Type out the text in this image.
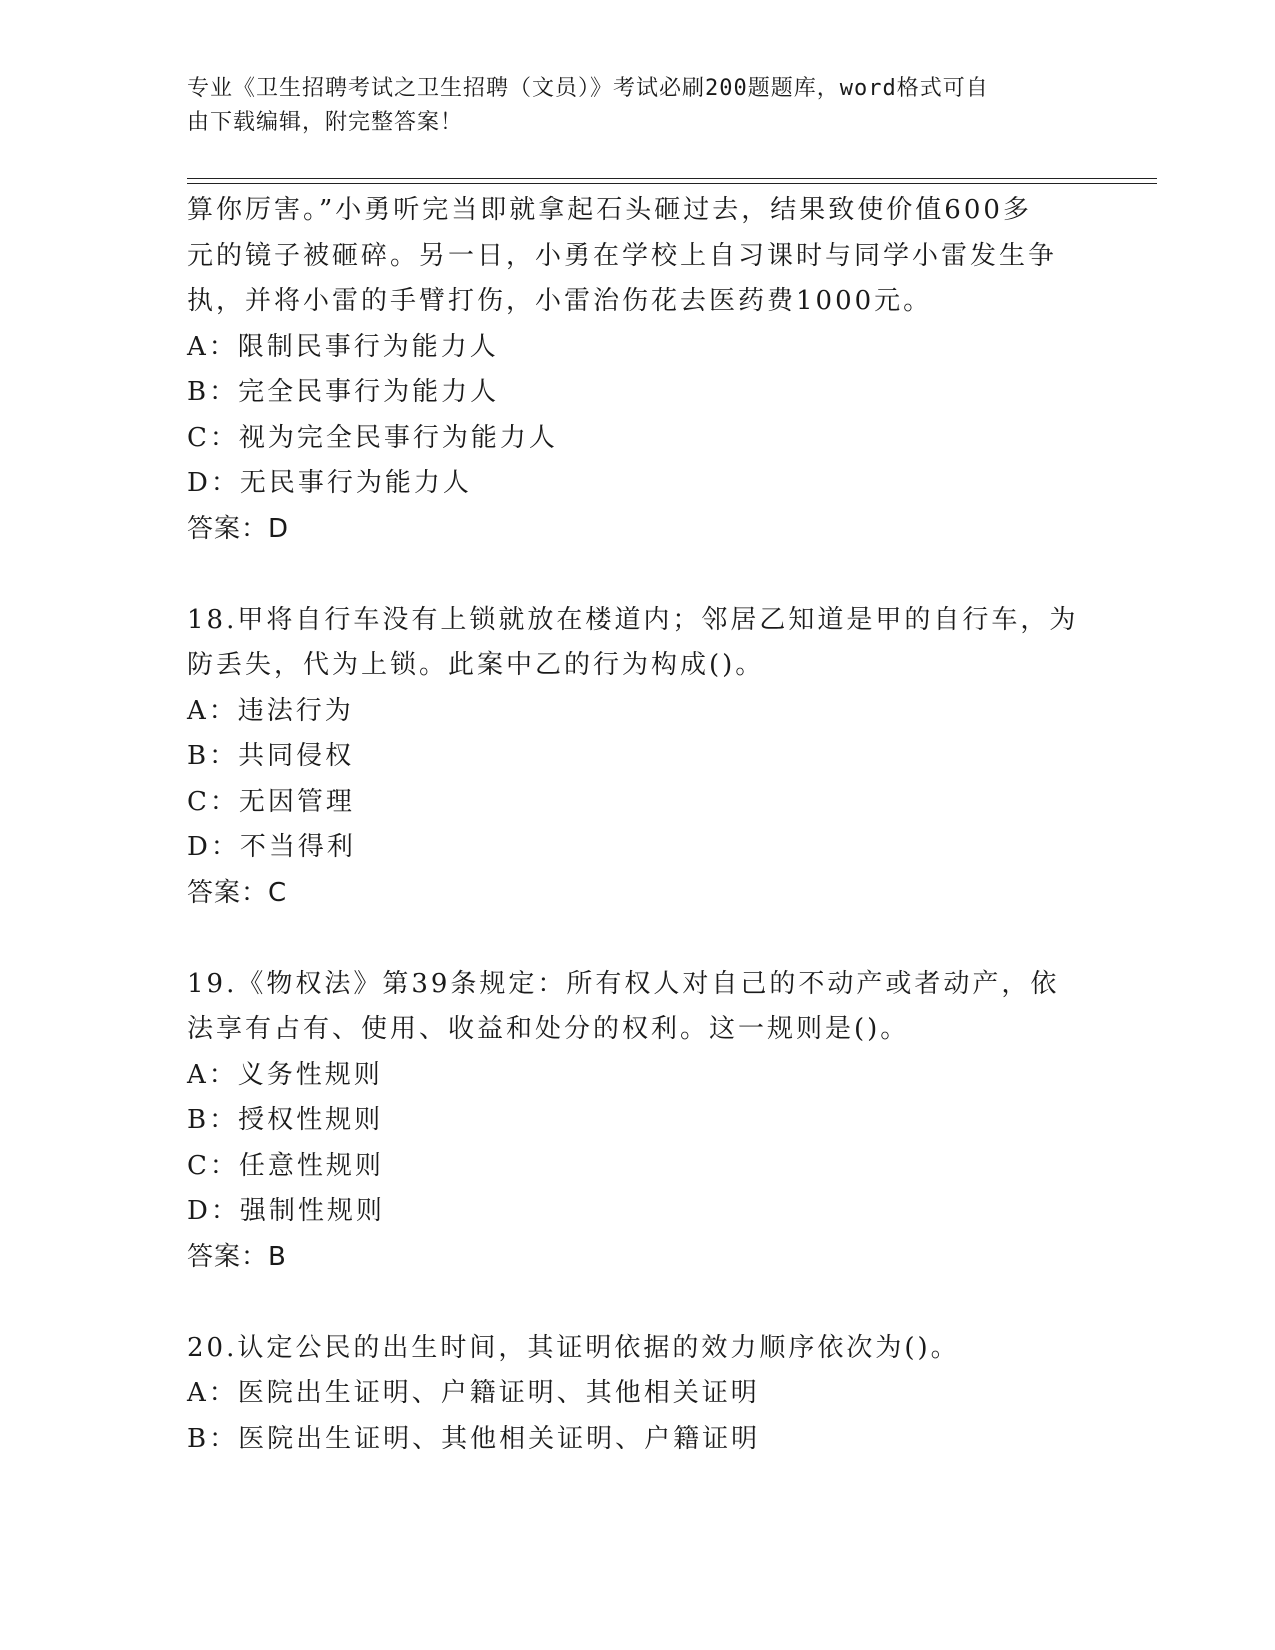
专业《卫生招聘考试之卫生招聘（文员）》考试必刷200题题库，word格式可自
由下载编辑，附完整答案！
算你厉害。”小勇听完当即就拿起石头砸过去，结果致使价值600多
元的镜子被砸碎。另一日，小勇在学校上自习课时与同学小雷发生争
执，并将小雷的手臂打伤，小雷治伤花去医药费1000元。
A：限制民事行为能力人
B：完全民事行为能力人
C：视为完全民事行为能力人
D：无民事行为能力人
答案：D
18.甲将自行车没有上锁就放在楼道内；邻居乙知道是甲的自行车，为
防丢失，代为上锁。此案中乙的行为构成()。
A：违法行为
B：共同侵权
C：无因管理
D：不当得利
答案：C
19.《物权法》第39条规定：所有权人对自己的不动产或者动产，依
法享有占有、使用、收益和处分的权利。这一规则是()。
A：义务性规则
B：授权性规则
C：任意性规则
D：强制性规则
答案：B
20.认定公民的出生时间，其证明依据的效力顺序依次为()。
A：医院出生证明、户籍证明、其他相关证明
B：医院出生证明、其他相关证明、户籍证明
